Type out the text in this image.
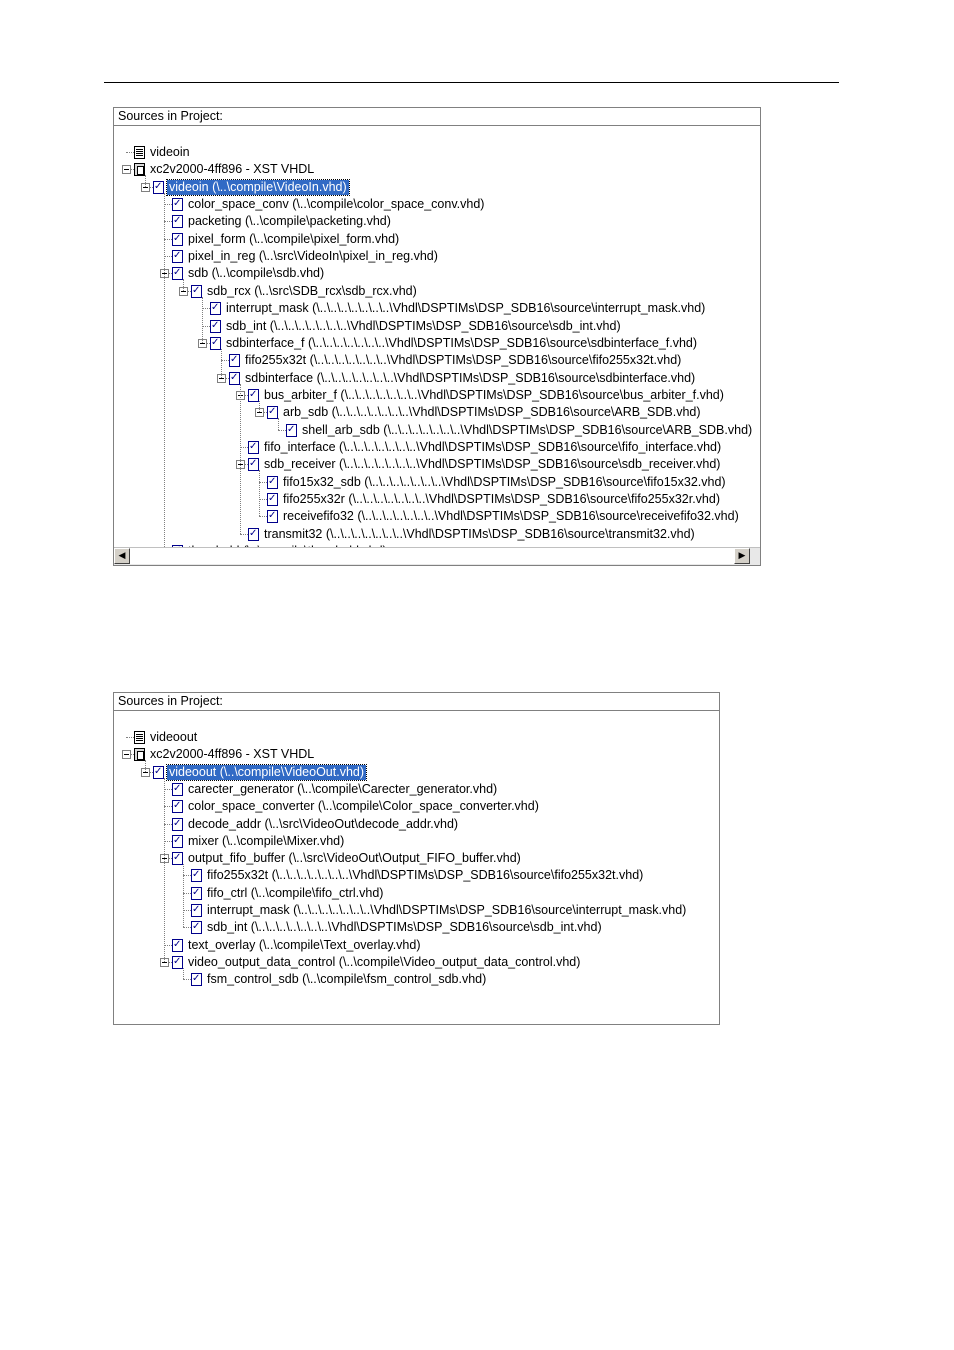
Sources in Project:
videoin
xc2v2000-4ff896 - XST VHDL
✓
videoin (\..\compile\VideoIn.vhd)
✓
color_space_conv (\..\compile\color_space_conv.vhd)
✓
packeting (\..\compile\packeting.vhd)
✓
pixel_form (\..\compile\pixel_form.vhd)
✓
pixel_in_reg (\..\src\VideoIn\pixel_in_reg.vhd)
✓
sdb (\..\compile\sdb.vhd)
✓
sdb_rcx (\..\src\SDB_rcx\sdb_rcx.vhd)
✓
interrupt_mask (\..\..\..\..\..\..\..\Vhdl\DSPTIMs\DSP_SDB16\source\interrupt_mask.vhd)
✓
sdb_int (\..\..\..\..\..\..\..\Vhdl\DSPTIMs\DSP_SDB16\source\sdb_int.vhd)
✓
sdbinterface_f (\..\..\..\..\..\..\..\Vhdl\DSPTIMs\DSP_SDB16\source\sdbinterface_f.vhd)
✓
fifo255x32t (\..\..\..\..\..\..\..\Vhdl\DSPTIMs\DSP_SDB16\source\fifo255x32t.vhd)
✓
sdbinterface (\..\..\..\..\..\..\..\Vhdl\DSPTIMs\DSP_SDB16\source\sdbinterface.vhd)
✓
bus_arbiter_f (\..\..\..\..\..\..\..\Vhdl\DSPTIMs\DSP_SDB16\source\bus_arbiter_f.vhd)
✓
arb_sdb (\..\..\..\..\..\..\..\Vhdl\DSPTIMs\DSP_SDB16\source\ARB_SDB.vhd)
✓
shell_arb_sdb (\..\..\..\..\..\..\..\Vhdl\DSPTIMs\DSP_SDB16\source\ARB_SDB.vhd)
✓
fifo_interface (\..\..\..\..\..\..\..\Vhdl\DSPTIMs\DSP_SDB16\source\fifo_interface.vhd)
✓
sdb_receiver (\..\..\..\..\..\..\..\Vhdl\DSPTIMs\DSP_SDB16\source\sdb_receiver.vhd)
✓
fifo15x32_sdb (\..\..\..\..\..\..\..\Vhdl\DSPTIMs\DSP_SDB16\source\fifo15x32.vhd)
✓
fifo255x32r (\..\..\..\..\..\..\..\Vhdl\DSPTIMs\DSP_SDB16\source\fifo255x32r.vhd)
✓
receivefifo32 (\..\..\..\..\..\..\..\Vhdl\DSPTIMs\DSP_SDB16\source\receivefifo32.vhd)
✓
transmit32 (\..\..\..\..\..\..\..\Vhdl\DSPTIMs\DSP_SDB16\source\transmit32.vhd)
✓
◀	▶
Sources in Project:
videoout
xc2v2000-4ff896 - XST VHDL
✓
videoout (\..\compile\VideoOut.vhd)
✓
carecter_generator (\..\compile\Carecter_generator.vhd)
✓
color_space_converter (\..\compile\Color_space_converter.vhd)
✓
decode_addr (\..\src\VideoOut\decode_addr.vhd)
✓
mixer (\..\compile\Mixer.vhd)
✓
output_fifo_buffer (\..\src\VideoOut\Output_FIFO_buffer.vhd)
✓
fifo255x32t (\..\..\..\..\..\..\..\Vhdl\DSPTIMs\DSP_SDB16\source\fifo255x32t.vhd)
✓
fifo_ctrl (\..\compile\fifo_ctrl.vhd)
✓
interrupt_mask (\..\..\..\..\..\..\..\Vhdl\DSPTIMs\DSP_SDB16\source\interrupt_mask.vhd)
✓
sdb_int (\..\..\..\..\..\..\..\Vhdl\DSPTIMs\DSP_SDB16\source\sdb_int.vhd)
✓
text_overlay (\..\compile\Text_overlay.vhd)
✓
video_output_data_control (\..\compile\Video_output_data_control.vhd)
✓
fsm_control_sdb (\..\compile\fsm_control_sdb.vhd)
